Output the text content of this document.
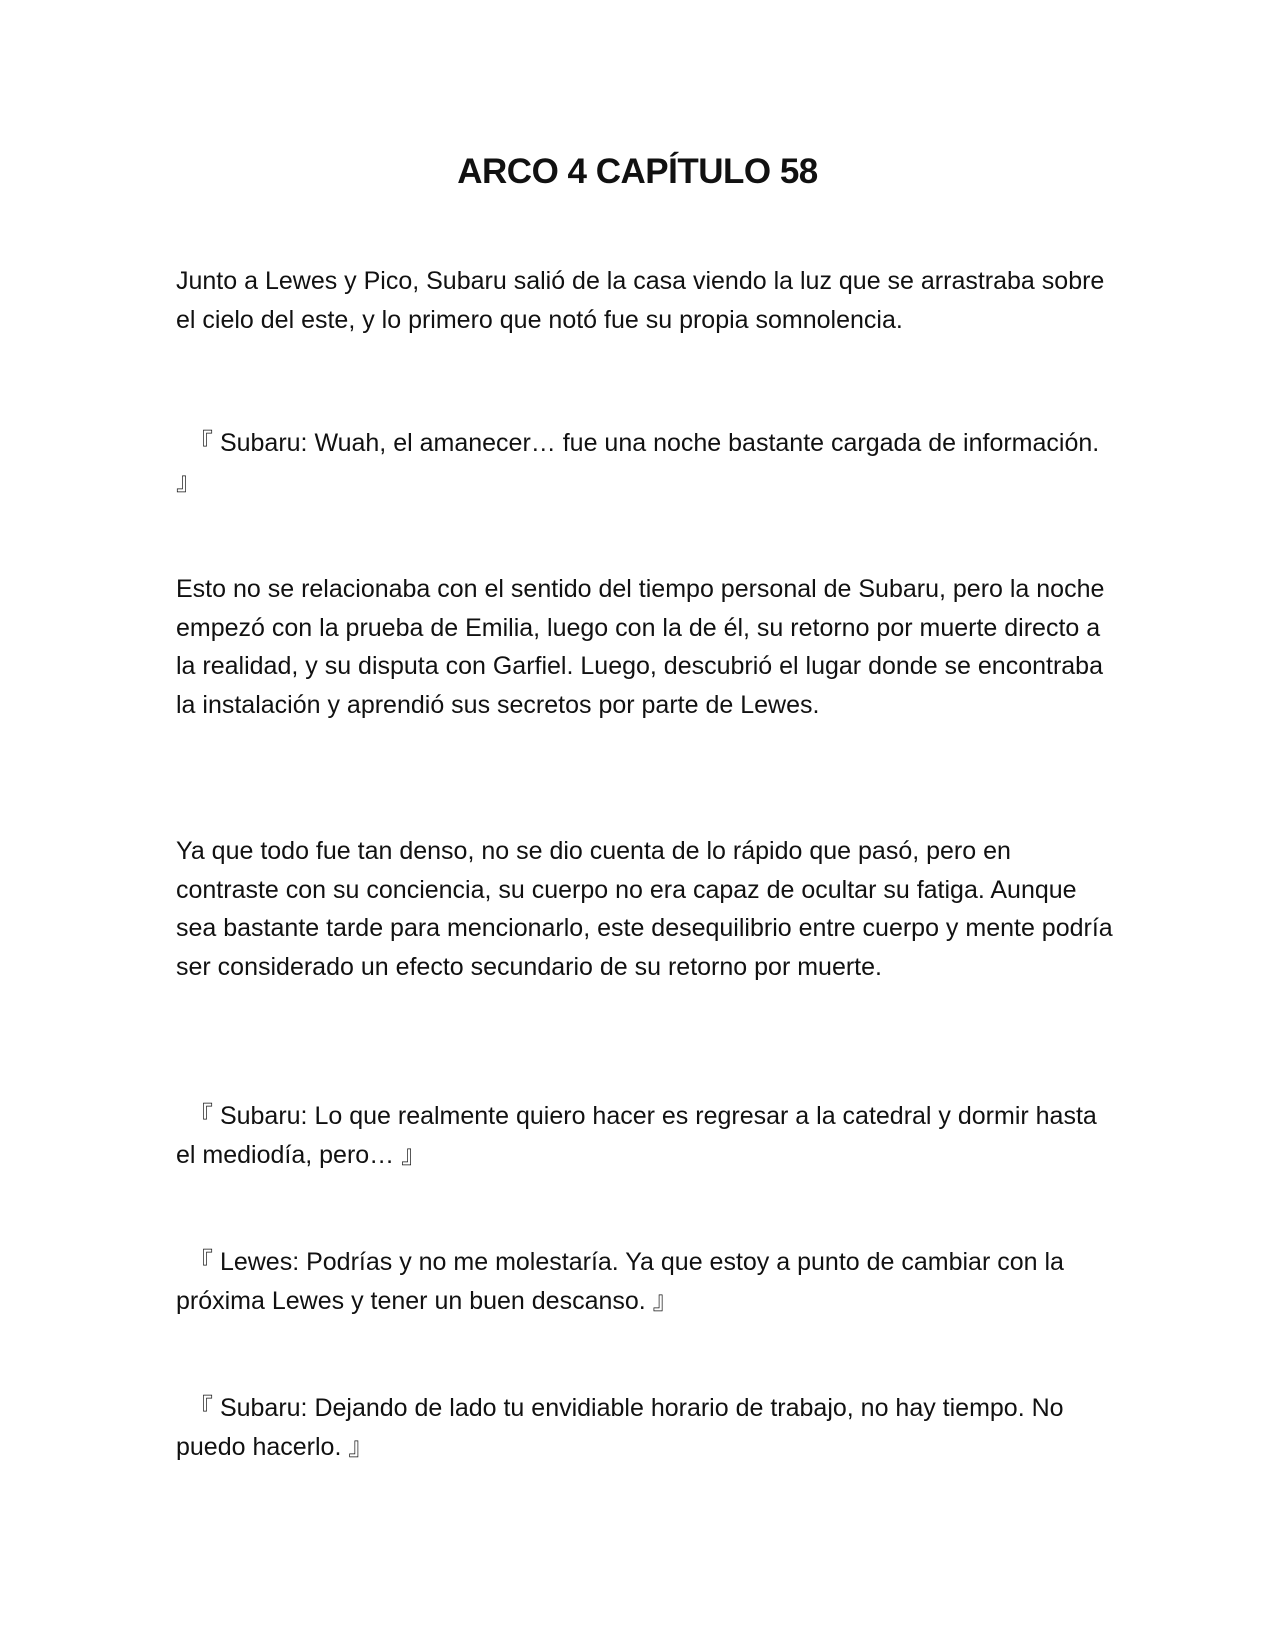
ARCO 4 CAPÍTULO 58

Junto a Lewes y Pico, Subaru salió de la casa viendo la luz que se arrastraba sobre el cielo del este, y lo primero que notó fue su propia somnolencia.

『 Subaru: Wuah, el amanecer… fue una noche bastante cargada de información. 』

Esto no se relacionaba con el sentido del tiempo personal de Subaru, pero la noche empezó con la prueba de Emilia, luego con la de él, su retorno por muerte directo a la realidad, y su disputa con Garfiel. Luego, descubrió el lugar donde se encontraba la instalación y aprendió sus secretos por parte de Lewes.

Ya que todo fue tan denso, no se dio cuenta de lo rápido que pasó, pero en contraste con su conciencia, su cuerpo no era capaz de ocultar su fatiga. Aunque sea bastante tarde para mencionarlo, este desequilibrio entre cuerpo y mente podría ser considerado un efecto secundario de su retorno por muerte.

『 Subaru: Lo que realmente quiero hacer es regresar a la catedral y dormir hasta el mediodía, pero… 』

『 Lewes: Podrías y no me molestaría. Ya que estoy a punto de cambiar con la próxima Lewes y tener un buen descanso. 』

『 Subaru: Dejando de lado tu envidiable horario de trabajo, no hay tiempo. No puedo hacerlo. 』
